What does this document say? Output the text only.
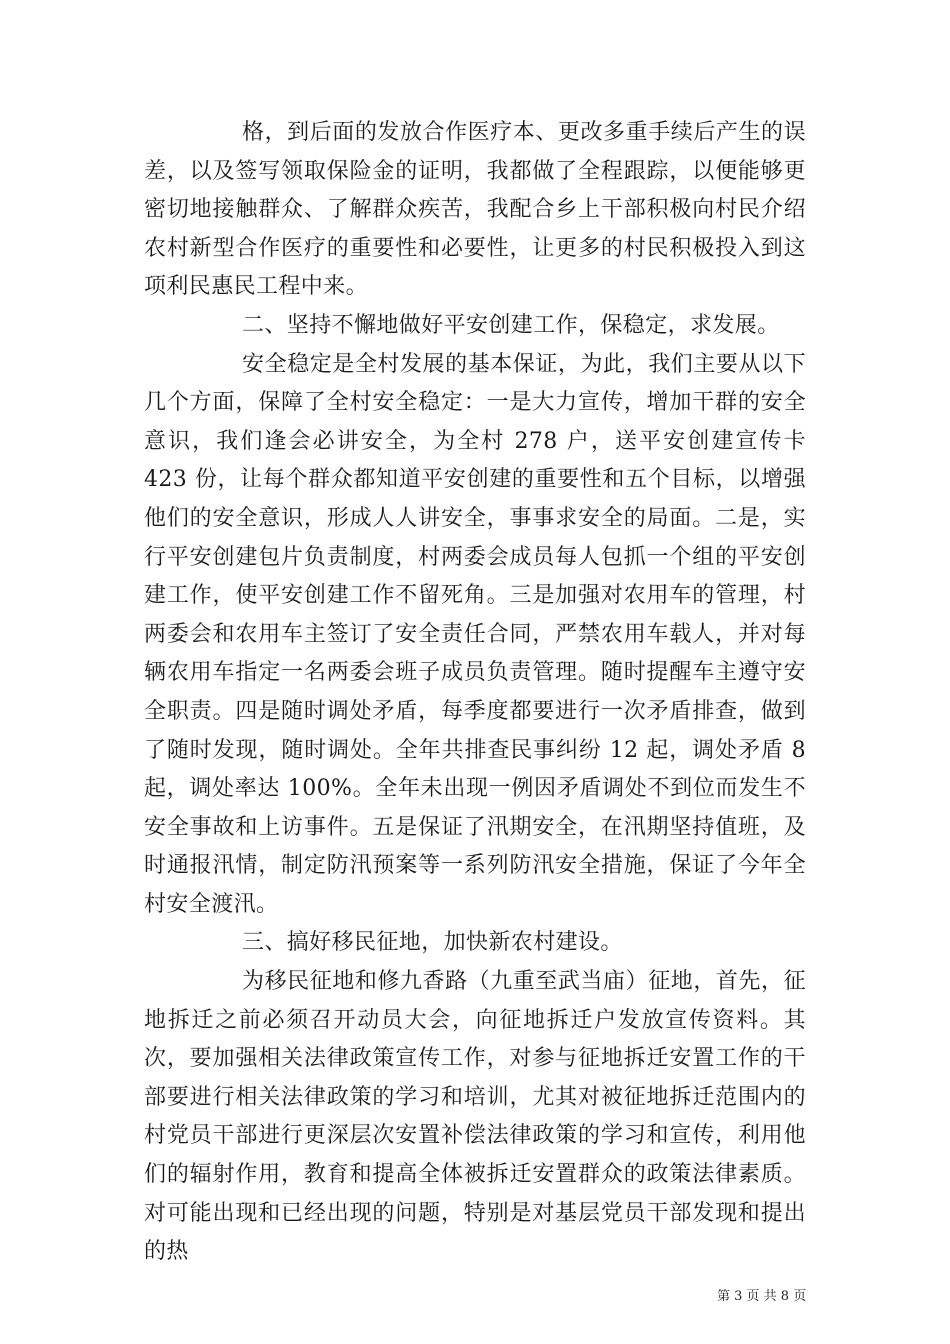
格，到后面的发放合作医疗本、更改多重手续后产生的误差，以及签写领取保险金的证明，我都做了全程跟踪，以便能够更密切地接触群众、了解群众疾苦，我配合乡上干部积极向村民介绍农村新型合作医疗的重要性和必要性，让更多的村民积极投入到这项利民惠民工程中来。

二、坚持不懈地做好平安创建工作，保稳定，求发展。

安全稳定是全村发展的基本保证，为此，我们主要从以下几个方面，保障了全村安全稳定：一是大力宣传，增加干群的安全意识，我们逢会必讲安全，为全村 278 户，送平安创建宣传卡 423 份，让每个群众都知道平安创建的重要性和五个目标，以增强他们的安全意识，形成人人讲安全，事事求安全的局面。二是，实行平安创建包片负责制度，村两委会成员每人包抓一个组的平安创建工作，使平安创建工作不留死角。三是加强对农用车的管理，村两委会和农用车主签订了安全责任合同，严禁农用车载人，并对每辆农用车指定一名两委会班子成员负责管理。随时提醒车主遵守安全职责。四是随时调处矛盾，每季度都要进行一次矛盾排查，做到了随时发现，随时调处。全年共排查民事纠纷 12 起，调处矛盾 8 起，调处率达 100%。全年未出现一例因矛盾调处不到位而发生不安全事故和上访事件。五是保证了汛期安全，在汛期坚持值班，及时通报汛情，制定防汛预案等一系列防汛安全措施，保证了今年全村安全渡汛。

三、搞好移民征地，加快新农村建设。

为移民征地和修九香路（九重至武当庙）征地，首先，征地拆迁之前必须召开动员大会，向征地拆迁户发放宣传资料。其次，要加强相关法律政策宣传工作，对参与征地拆迁安置工作的干部要进行相关法律政策的学习和培训，尤其对被征地拆迁范围内的村党员干部进行更深层次安置补偿法律政策的学习和宣传，利用他们的辐射作用，教育和提高全体被拆迁安置群众的政策法律素质。对可能出现和已经出现的问题，特别是对基层党员干部发现和提出的热

第 3 页 共 8 页
